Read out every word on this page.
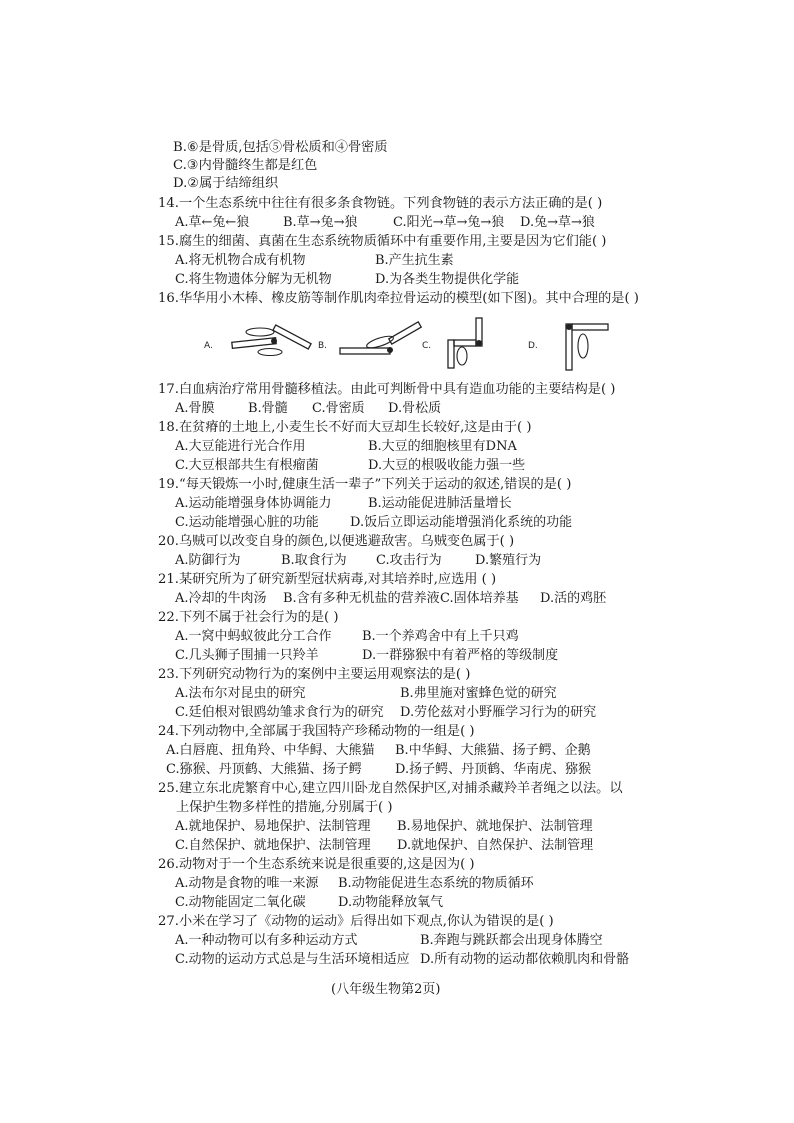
B.⑥是骨质,包括⑤骨松质和④骨密质
C.③内骨髓终生都是红色
D.②属于结缔组织
14.一个生态系统中往往有很多条食物链。下列食物链的表示方法正确的是( )
A.草←兔←狼	B.草→兔→狼	C.阳光→草→兔→狼 D.兔→草→狼
15.腐生的细菌、真菌在生态系统物质循环中有重要作用,主要是因为它们能( )
A.将无机物合成有机物	B.产生抗生素
C.将生物遗体分解为无机物	D.为各类生物提供化学能
16.华华用小木棒、橡皮筋等制作肌肉牵拉骨运动的模型(如下图)。其中合理的是( )
A.	B.	C.	D.
17.白血病治疗常用骨髓移植法。由此可判断骨中具有造血功能的主要结构是( )
A.骨膜	B.骨髓 C.骨密质 D.骨松质
18.在贫瘠的土地上,小麦生长不好而大豆却生长较好,这是由于( )
A.大豆能进行光合作用	B.大豆的细胞核里有DNA
C.大豆根部共生有根瘤菌	D.大豆的根吸收能力强一些
19.“每天锻炼一小时,健康生活一辈子”下列关于运动的叙述,错误的是( )
A.运动能增强身体协调能力	B.运动能促进肺活量增长
C.运动能增强心脏的功能 D.饭后立即运动能增强消化系统的功能
20.乌贼可以改变自身的颜色,以便逃避敌害。乌贼变色属于( )
A.防御行为	B.取食行为 C.攻击行为	D.繁殖行为
21.某研究所为了研究新型冠状病毒,对其培养时,应选用 ( )
A.冷却的牛肉汤 B.含有多种无机盐的营养液 C.固体培养基 D.活的鸡胚
22.下列不属于社会行为的是( )
A.一窝中蚂蚁彼此分工合作 B.一个养鸡舍中有上千只鸡
C.几头狮子围捕一只羚羊	D.一群猕猴中有着严格的等级制度
23.下列研究动物行为的案例中主要运用观察法的是( )
A.法布尔对昆虫的研究	B.弗里施对蜜蜂色觉的研究
C.廷伯根对银鸥幼雏求食行为的研究 D.劳伦兹对小野雁学习行为的研究
24.下列动物中,全部属于我国特产珍稀动物的一组是( )
A.白唇鹿、扭角羚、中华鲟、大熊猫 B.中华鲟、大熊猫、扬子鳄、企鹅
C.猕猴、丹顶鹤、大熊猫、扬子鳄	D.扬子鳄、丹顶鹤、华南虎、猕猴
25.建立东北虎繁育中心,建立四川卧龙自然保护区,对捕杀藏羚羊者绳之以法。以
上保护生物多样性的措施,分别属于( )
A.就地保护、易地保护、法制管理 B.易地保护、就地保护、法制管理
C.自然保护、就地保护、法制管理 D.就地保护、自然保护、法制管理
26.动物对于一个生态系统来说是很重要的,这是因为( )
A.动物是食物的唯一来源 B.动物能促进生态系统的物质循环
C.动物能固定二氧化碳 D.动物能释放氧气
27.小米在学习了《动物的运动》后得出如下观点,你认为错误的是( )
A.一种动物可以有多种运动方式	B.奔跑与跳跃都会出现身体腾空
C.动物的运动方式总是与生活环境相适应 D.所有动物的运动都依赖肌肉和骨骼
(八年级生物第2页)
